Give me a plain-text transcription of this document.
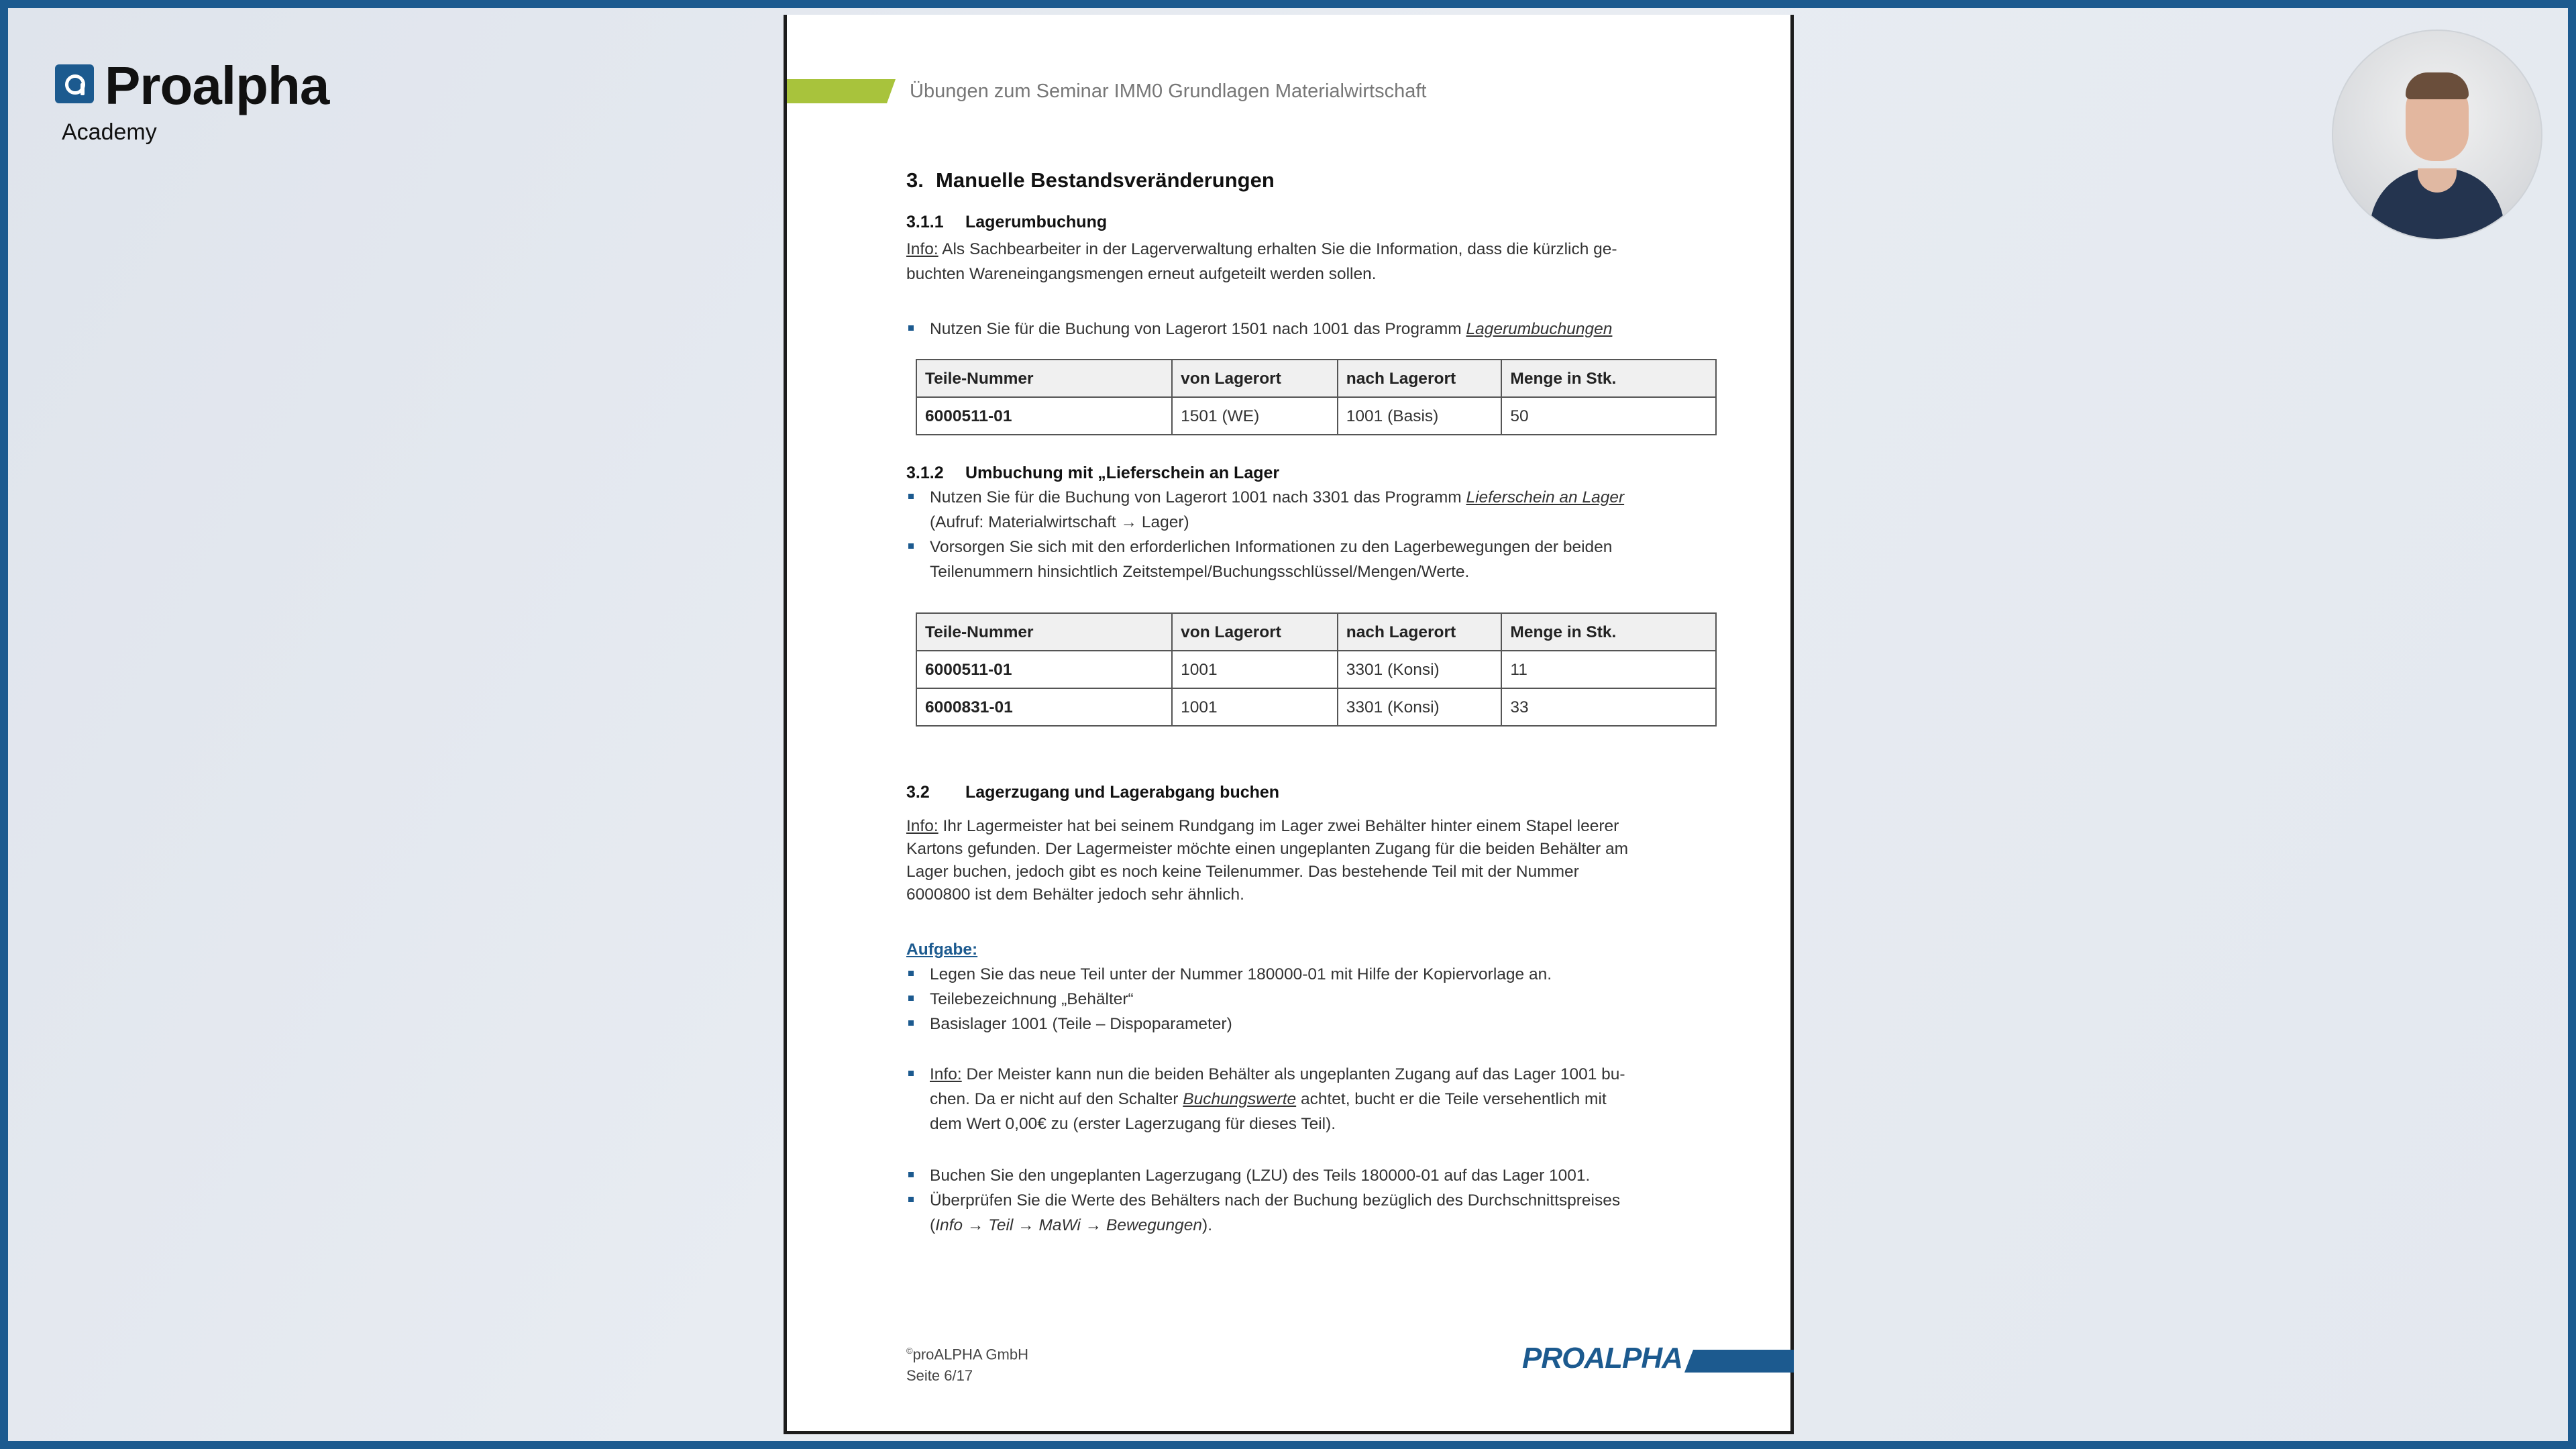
Proalpha
Academy
Übungen zum Seminar IMM0 Grundlagen Materialwirtschaft
3. Manuelle Bestandsveränderungen
3.1.1 Lagerumbuchung

Info: Als Sachbearbeiter in der Lagerverwaltung erhalten Sie die Information, dass die kürzlich ge-
buchten Wareneingangsmengen erneut aufgeteilt werden sollen.

Nutzen Sie für die Buchung von Lagerort 1501 nach 1001 das Programm Lagerumbuchungen
Teile-Nummer	von Lagerort	nach Lagerort	Menge in Stk.
6000511-01	1501 (WE)	1001 (Basis)	50
3.1.2 Umbuchung mit „Lieferschein an Lager
Nutzen Sie für die Buchung von Lagerort 1001 nach 3301 das Programm Lieferschein an Lager
(Aufruf: Materialwirtschaft → Lager)
Vorsorgen Sie sich mit den erforderlichen Informationen zu den Lagerbewegungen der beiden
Teilenummern hinsichtlich Zeitstempel/Buchungsschlüssel/Mengen/Werte.
Teile-Nummer	von Lagerort	nach Lagerort	Menge in Stk.
6000511-01	1001	3301 (Konsi)	11
6000831-01	1001	3301 (Konsi)	33
3.2 Lagerzugang und Lagerabgang buchen

Info: Ihr Lagermeister hat bei seinem Rundgang im Lager zwei Behälter hinter einem Stapel leerer
Kartons gefunden. Der Lagermeister möchte einen ungeplanten Zugang für die beiden Behälter am
Lager buchen, jedoch gibt es noch keine Teilenummer. Das bestehende Teil mit der Nummer
6000800 ist dem Behälter jedoch sehr ähnlich.

Aufgabe:
Legen Sie das neue Teil unter der Nummer 180000-01 mit Hilfe der Kopiervorlage an.
Teilebezeichnung „Behälter“
Basislager 1001 (Teile – Dispoparameter)
Info: Der Meister kann nun die beiden Behälter als ungeplanten Zugang auf das Lager 1001 bu-
chen. Da er nicht auf den Schalter Buchungswerte achtet, bucht er die Teile versehentlich mit
dem Wert 0,00€ zu (erster Lagerzugang für dieses Teil).
Buchen Sie den ungeplanten Lagerzugang (LZU) des Teils 180000-01 auf das Lager 1001.
Überprüfen Sie die Werte des Behälters nach der Buchung bezüglich des Durchschnittspreises
(Info → Teil → MaWi → Bewegungen).
©proALPHA GmbH
Seite 6/17
PROALPHA
